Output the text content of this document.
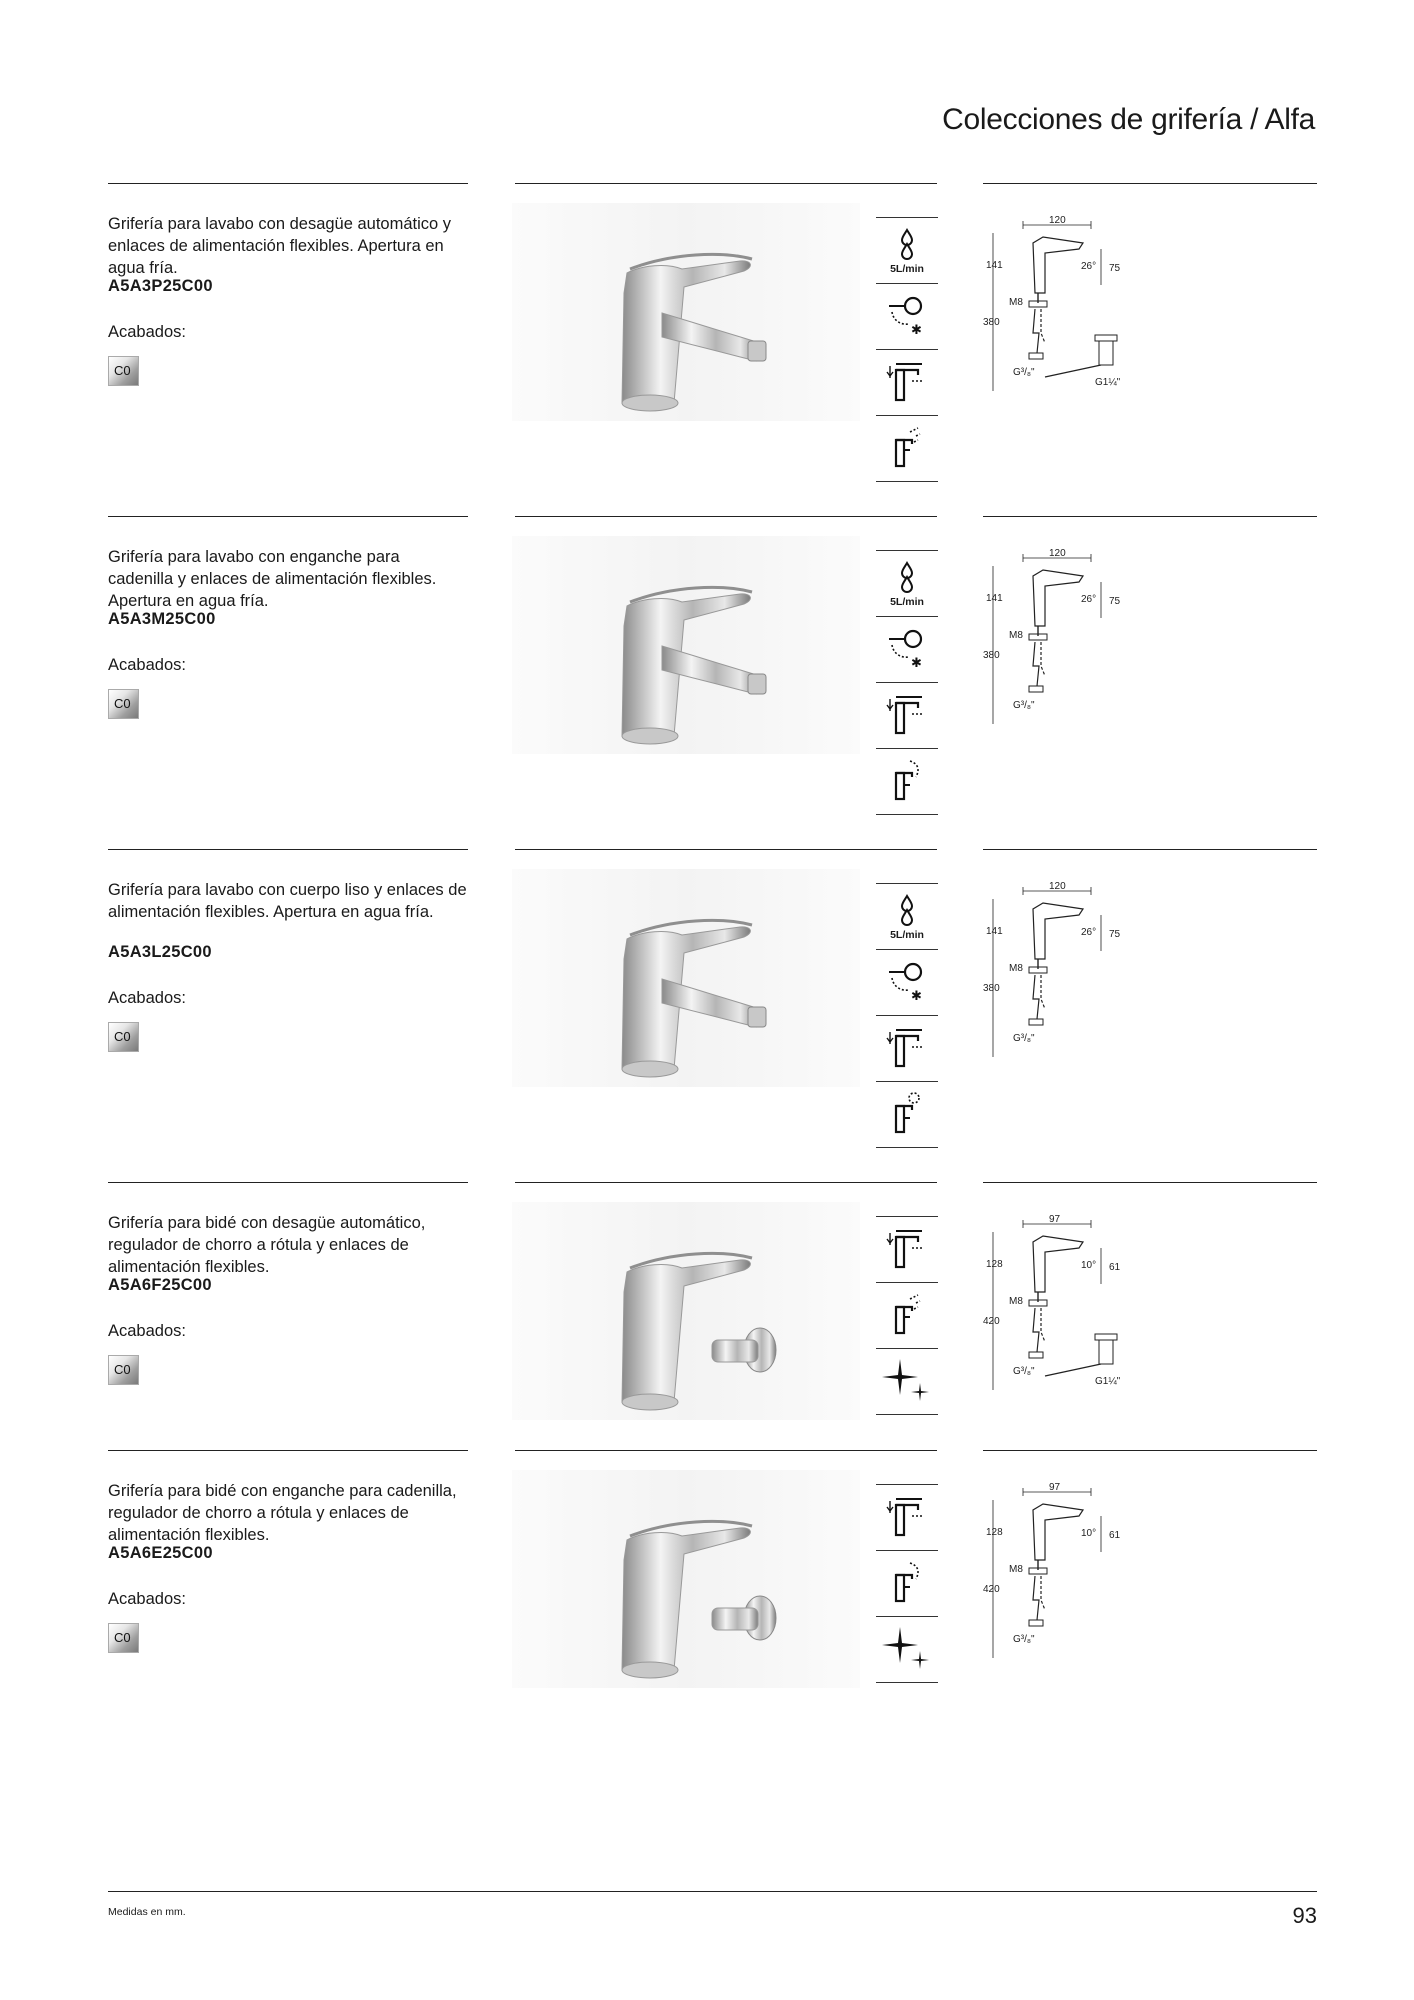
Colecciones de grifería / Alfa
Grifería para lavabo con desagüe automático y enlaces de alimentación flexibles. Apertura en agua fría.
A5A3P25C00
Acabados:
C0
5L/min
✱
120
141
380
M8
G³/₈"
26° 75
G1¼"
Grifería para lavabo con enganche para cadenilla y enlaces de alimentación flexibles. Apertura en agua fría.
A5A3M25C00
Acabados:
C0
5L/min
✱
120
141
380
M8
G³/₈"
26° 75
Grifería para lavabo con cuerpo liso y enlaces de alimentación flexibles. Apertura en agua fría.
A5A3L25C00
Acabados:
C0
5L/min
✱
120
141
380
M8
G³/₈"
26° 75
Grifería para bidé con desagüe automático, regulador de chorro a rótula y enlaces de alimentación flexibles.
A5A6F25C00
Acabados:
C0
97
128
420
M8
G³/₈"
10° 61
G1¼"
Grifería para bidé con enganche para cadenilla, regulador de chorro a rótula y enlaces de alimentación flexibles.
A5A6E25C00
Acabados:
C0
97
128
420
M8
G³/₈"
10° 61
Medidas en mm.	93
